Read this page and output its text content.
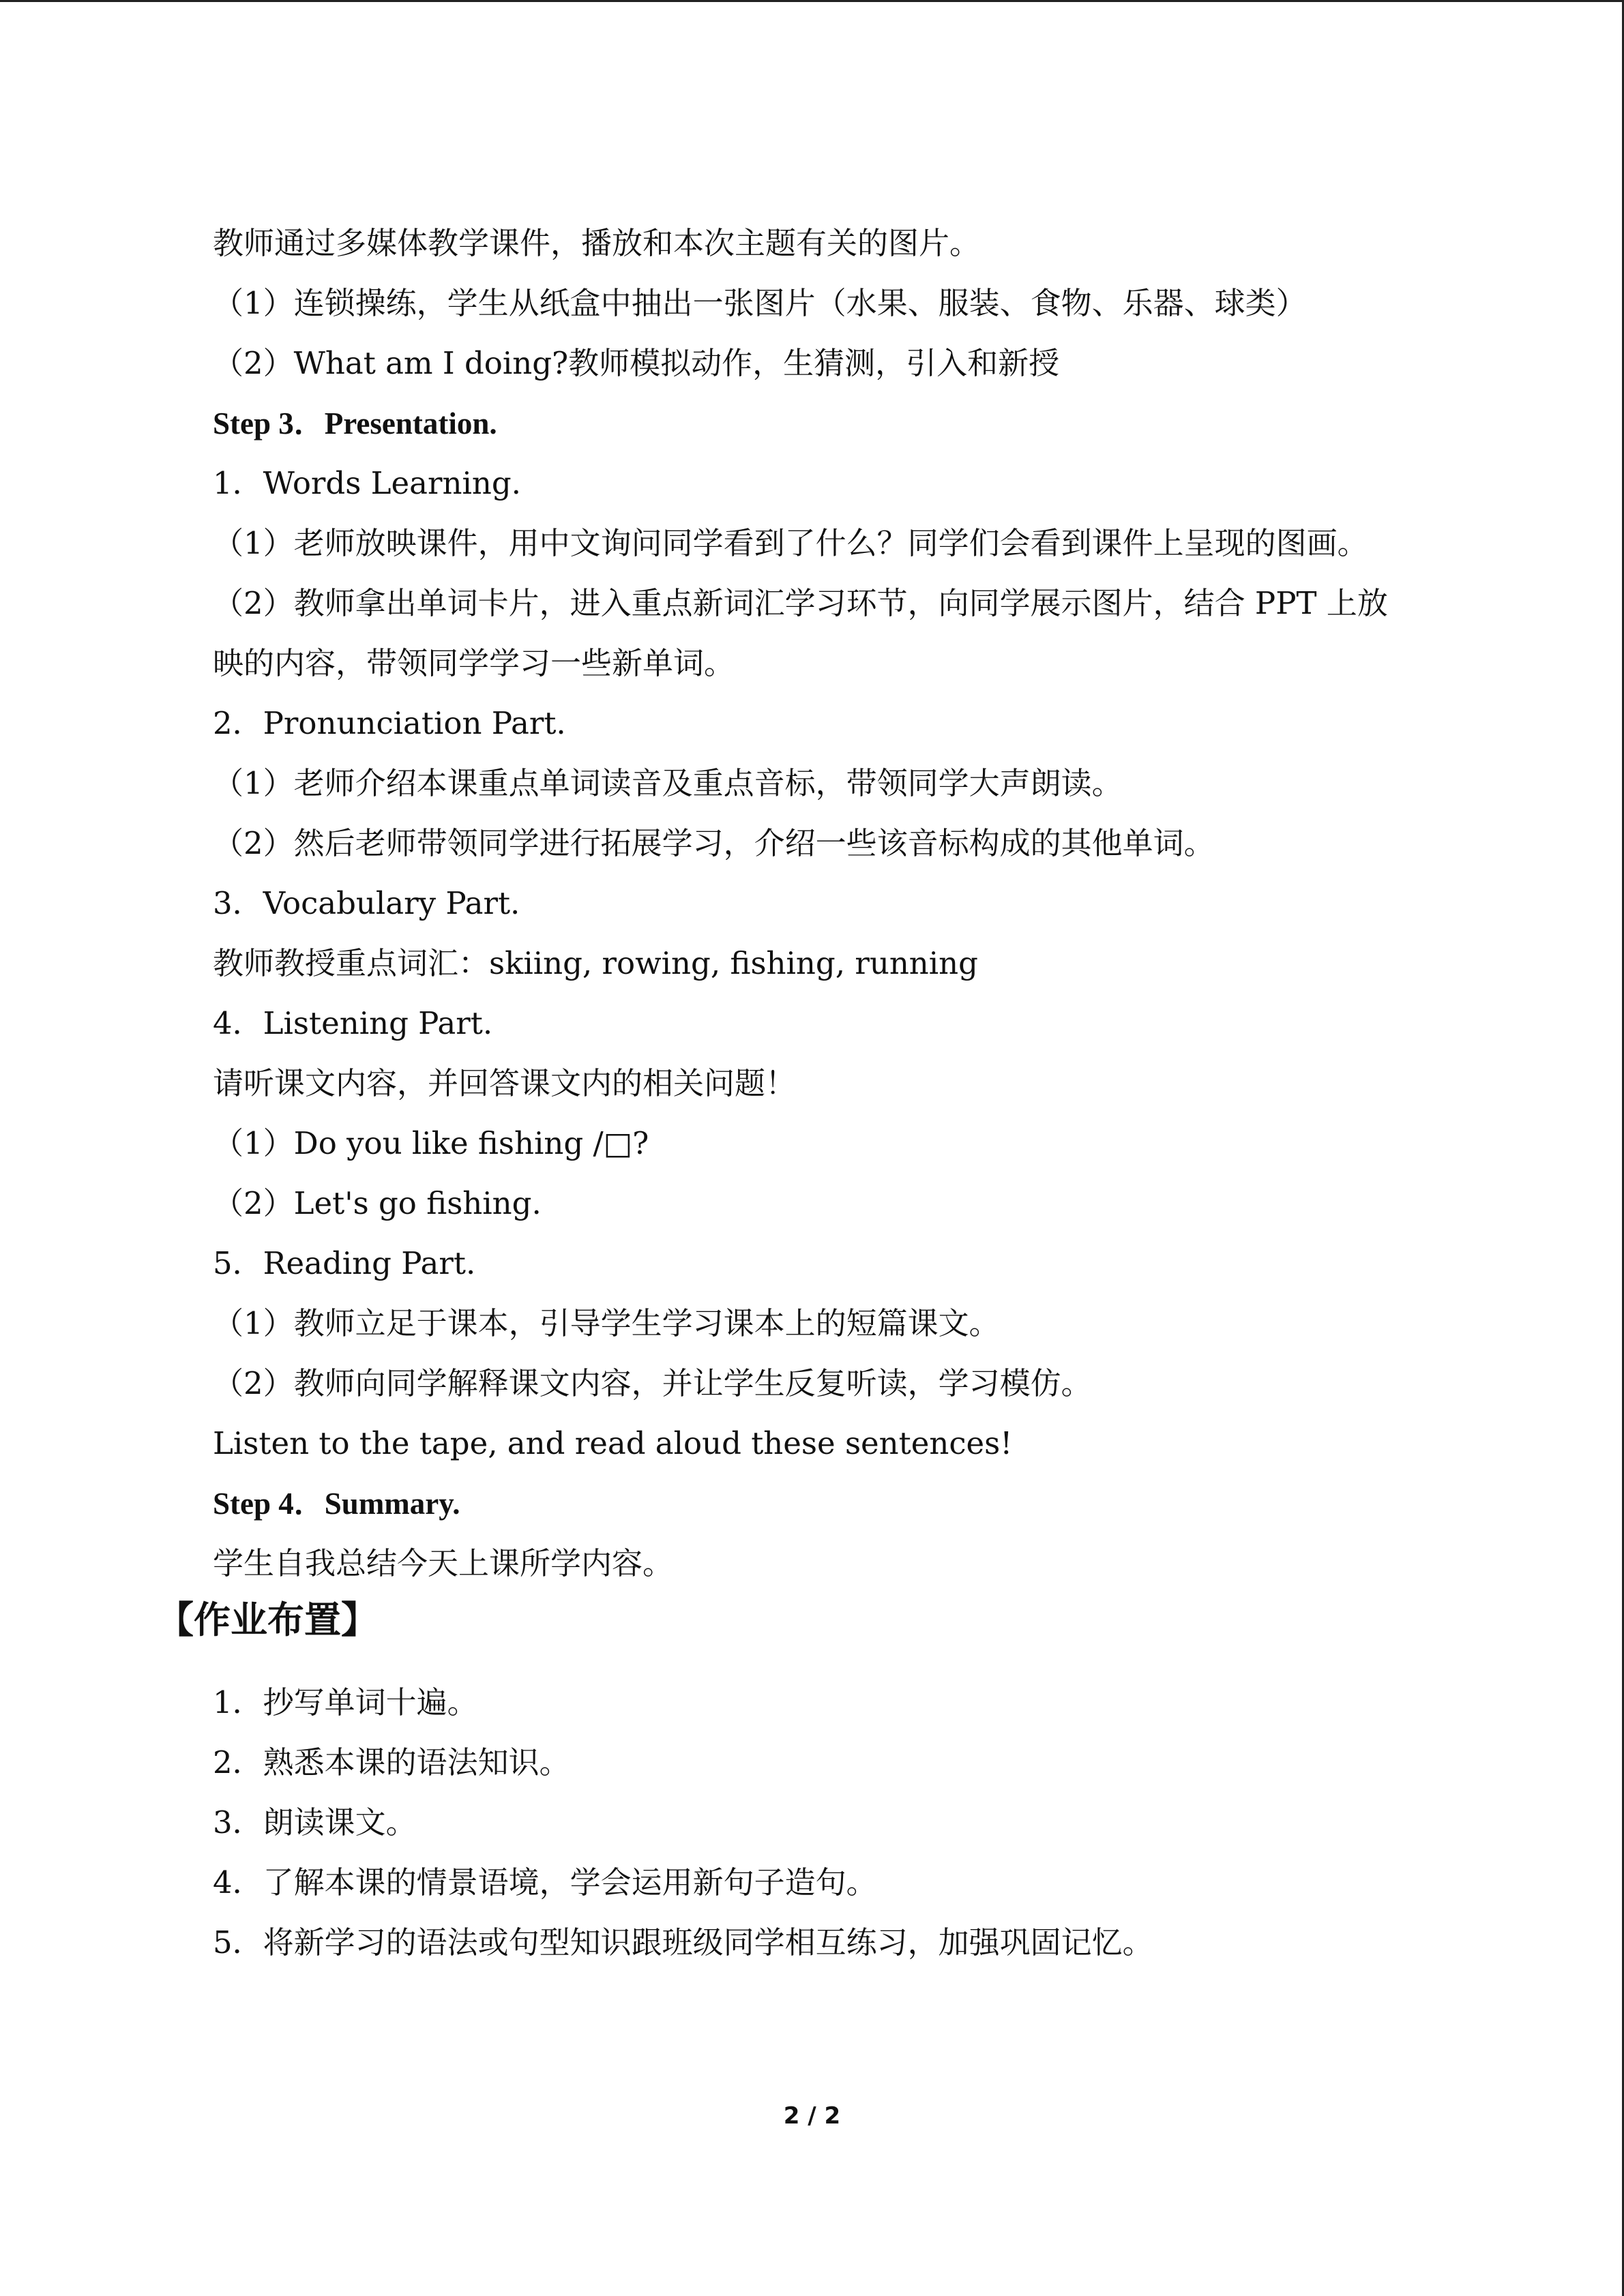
教师通过多媒体教学课件，播放和本次主题有关的图片。
（1）连锁操练，学生从纸盒中抽出一张图片（水果、服装、食物、乐器、球类）
（2）What am I doing?教师模拟动作，生猜测，引入和新授
Step 3．Presentation.
1．Words Learning.
（1）老师放映课件，用中文询问同学看到了什么？同学们会看到课件上呈现的图画。
（2）教师拿出单词卡片，进入重点新词汇学习环节，向同学展示图片，结合 PPT 上放
映的内容，带领同学学习一些新单词。
2．Pronunciation Part.
（1）老师介绍本课重点单词读音及重点音标，带领同学大声朗读。
（2）然后老师带领同学进行拓展学习，介绍一些该音标构成的其他单词。
3．Vocabulary Part.
教师教授重点词汇：skiing, rowing, fishing, running
4．Listening Part.
请听课文内容，并回答课文内的相关问题！
（1）Do you like fishing /□?
（2）Let's go fishing.
5．Reading Part.
（1）教师立足于课本，引导学生学习课本上的短篇课文。
（2）教师向同学解释课文内容，并让学生反复听读，学习模仿。
Listen to the tape, and read aloud these sentences!
Step 4．Summary.
学生自我总结今天上课所学内容。
【作业布置】
1．抄写单词十遍。
2．熟悉本课的语法知识。
3．朗读课文。
4．了解本课的情景语境，学会运用新句子造句。
5．将新学习的语法或句型知识跟班级同学相互练习，加强巩固记忆。
2 / 2
